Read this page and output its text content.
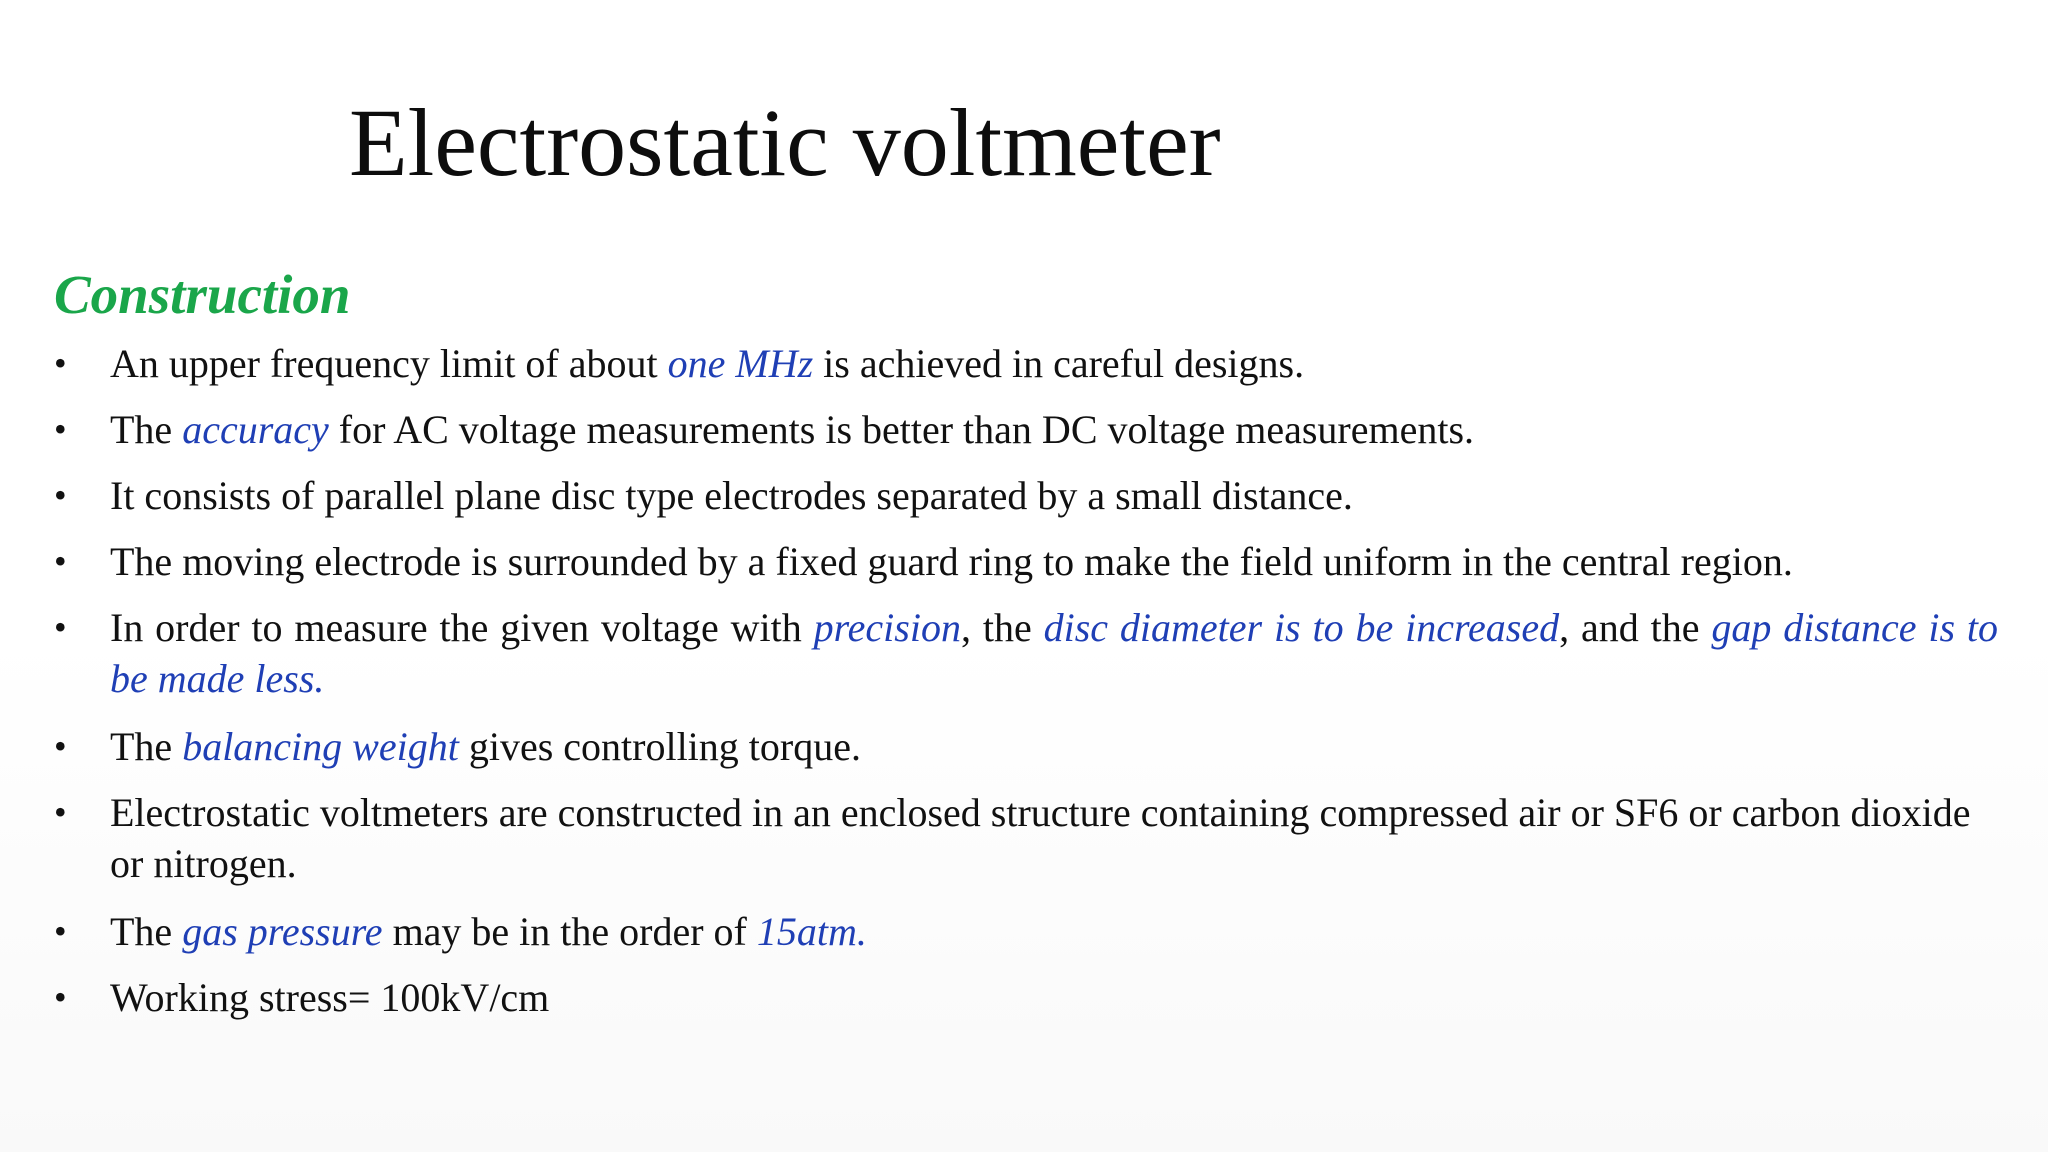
Electrostatic voltmeter
Construction
•	An upper frequency limit of about one MHz is achieved in careful designs.
•	The accuracy for AC voltage measurements is better than DC voltage measurements.
•	It consists of parallel plane disc type electrodes separated by a small distance.
•	The moving electrode is surrounded by a fixed guard ring to make the field uniform in the central region.
•	In order to measure the given voltage with precision, the disc diameter is to be increased, and the gap distance is to be made less.
•	The balancing weight gives controlling torque.
•	Electrostatic voltmeters are constructed in an enclosed structure containing compressed air or SF6 or carbon dioxide or nitrogen.
•	The gas pressure may be in the order of 15atm.
•	Working stress= 100kV/cm
